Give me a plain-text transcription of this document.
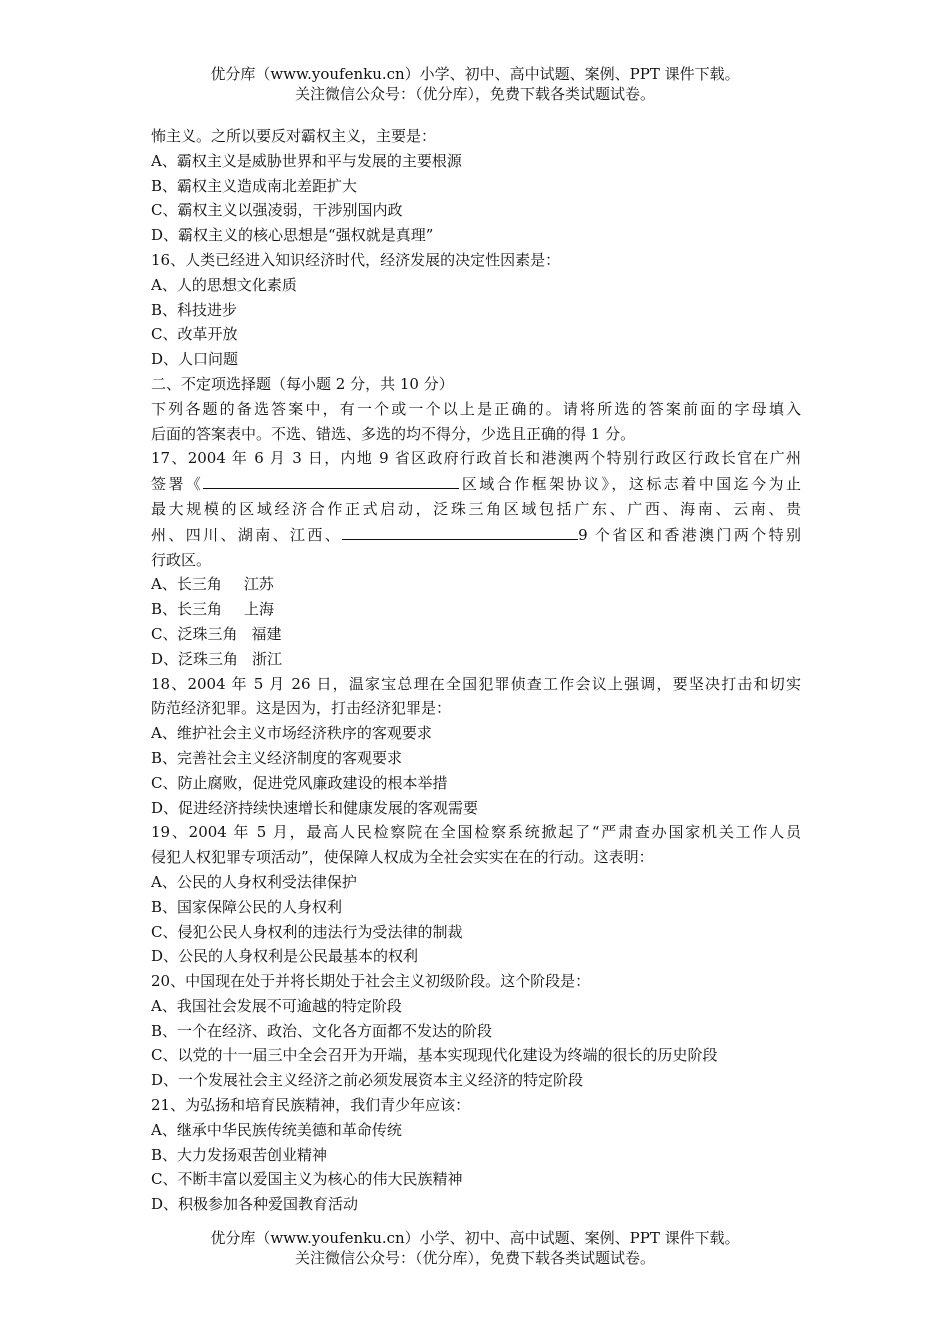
优分库（www.youfenku.cn）小学、初中、高中试题、案例、PPT 课件下载。
关注微信公众号：（优分库），免费下载各类试题试卷。

怖主义。之所以要反对霸权主义，主要是：

A、霸权主义是威胁世界和平与发展的主要根源

B、霸权主义造成南北差距扩大

C、霸权主义以强凌弱，干涉别国内政

D、霸权主义的核心思想是“强权就是真理”

16、人类已经进入知识经济时代，经济发展的决定性因素是：

A、人的思想文化素质

B、科技进步

C、改革开放

D、人口问题

二、不定项选择题（每小题 2 分，共 10 分）

下列各题的备选答案中，有一个或一个以上是正确的。请将所选的答案前面的字母填入

后面的答案表中。不选、错选、多选的均不得分，少选且正确的得 1 分。

17、2004 年 6 月 3 日，内地 9 省区政府行政首长和港澳两个特别行政区行政长官在广州

签署《	区域合作框架协议》，这标志着中国迄今为止

最大规模的区域经济合作正式启动，泛珠三角区域包括广东、广西、海南、云南、贵

州、四川、湖南、江西、	9 个省区和香港澳门两个特别

行政区。

A、长三角 江苏

B、长三角 上海

C、泛珠三角 福建

D、泛珠三角 浙江

18、2004 年 5 月 26 日，温家宝总理在全国犯罪侦查工作会议上强调，要坚决打击和切实

防范经济犯罪。这是因为，打击经济犯罪是：

A、维护社会主义市场经济秩序的客观要求

B、完善社会主义经济制度的客观要求

C、防止腐败，促进党风廉政建设的根本举措

D、促进经济持续快速增长和健康发展的客观需要

19、2004 年 5 月，最高人民检察院在全国检察系统掀起了“严肃查办国家机关工作人员

侵犯人权犯罪专项活动”，使保障人权成为全社会实实在在的行动。这表明：

A、公民的人身权利受法律保护

B、国家保障公民的人身权利

C、侵犯公民人身权利的违法行为受法律的制裁

D、公民的人身权利是公民最基本的权利

20、中国现在处于并将长期处于社会主义初级阶段。这个阶段是：

A、我国社会发展不可逾越的特定阶段

B、一个在经济、政治、文化各方面都不发达的阶段

C、以党的十一届三中全会召开为开端，基本实现现代化建设为终端的很长的历史阶段

D、一个发展社会主义经济之前必须发展资本主义经济的特定阶段

21、为弘扬和培育民族精神，我们青少年应该：

A、继承中华民族传统美德和革命传统

B、大力发扬艰苦创业精神

C、不断丰富以爱国主义为核心的伟大民族精神

D、积极参加各种爱国教育活动

优分库（www.youfenku.cn）小学、初中、高中试题、案例、PPT 课件下载。
关注微信公众号：（优分库），免费下载各类试题试卷。
